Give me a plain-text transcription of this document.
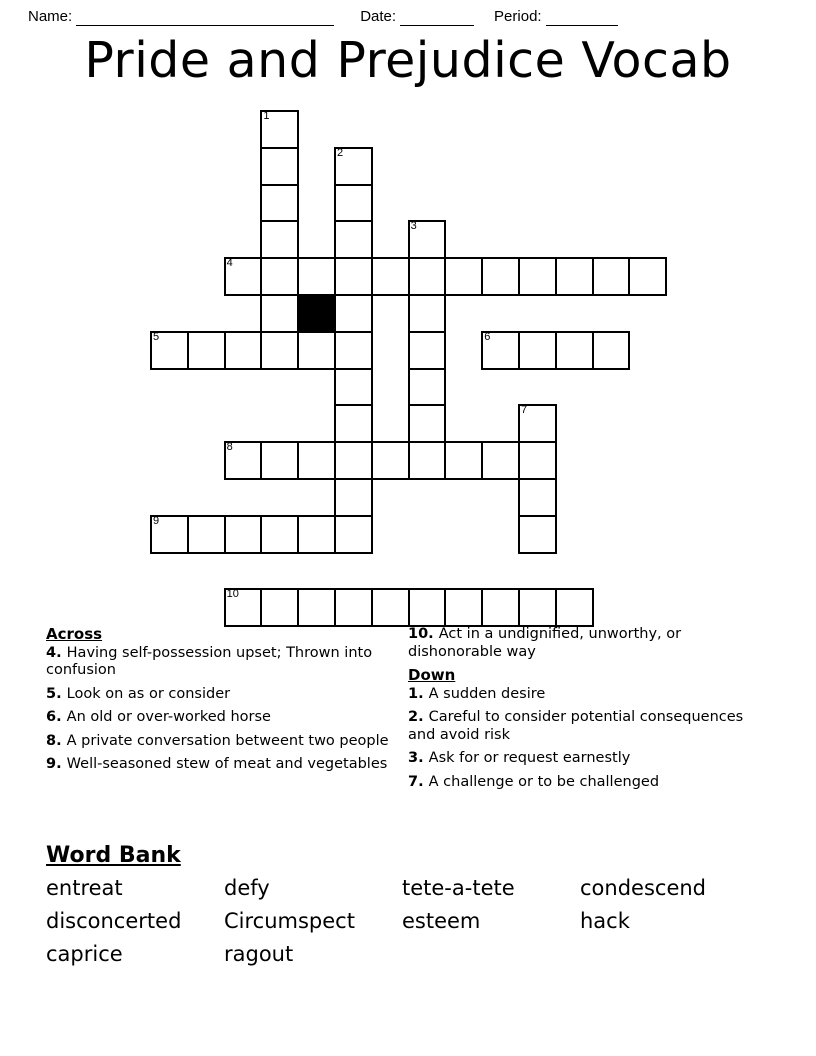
Name:	Date:	Period:
Pride and Prejudice Vocab
1
2
3
4
5	6
7
8
9
10
Across
4. Having self-possession upset; Thrown into confusion
5. Look on as or consider
6. An old or over-worked horse
8. A private conversation betweent two people
9. Well-seasoned stew of meat and vegetables
10. Act in a undignified, unworthy, or dishonorable way
Down
1. A sudden desire
2. Careful to consider potential consequences and avoid risk
3. Ask for or request earnestly
7. A challenge or to be challenged
Word Bank
entreat	defy	tete-a-tete	condescend
disconcerted	Circumspect	esteem	hack
caprice	ragout
